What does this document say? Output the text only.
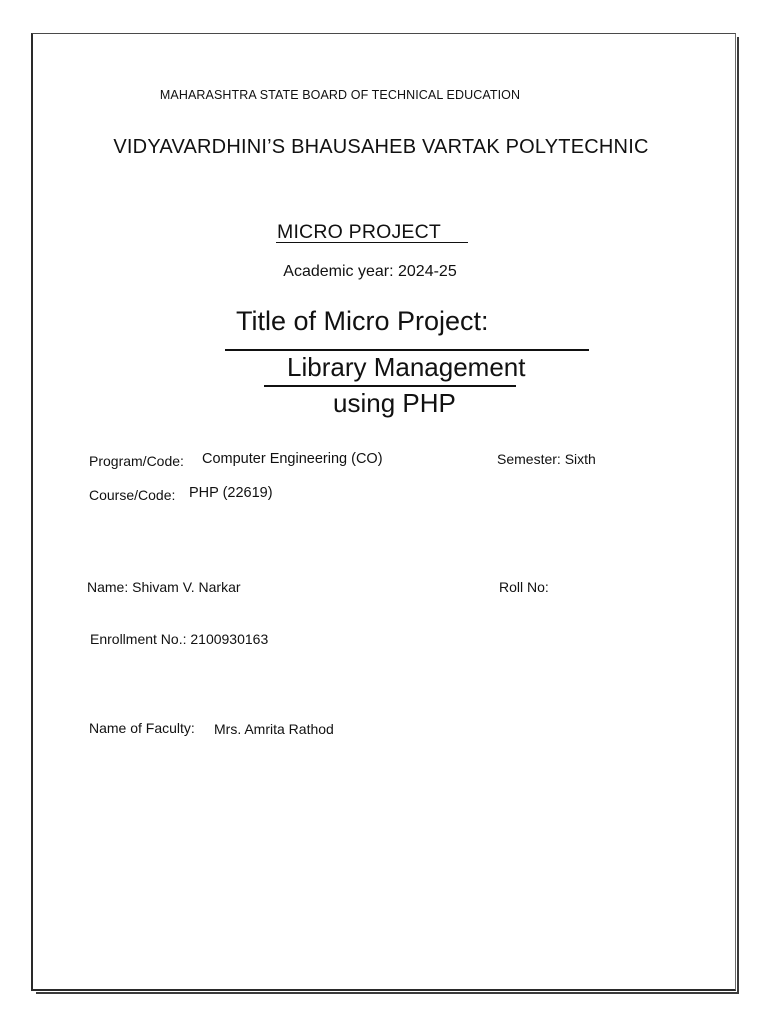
MAHARASHTRA STATE BOARD OF TECHNICAL EDUCATION
VIDYAVARDHINI’S BHAUSAHEB VARTAK POLYTECHNIC
MICRO PROJECT
Academic year: 2024-25
Title of Micro Project:
Library Management
using PHP
Program/Code: Computer Engineering (CO)	Semester: Sixth
Course/Code: PHP (22619)
Name: Shivam V. Narkar	Roll No:
Enrollment No.: 2100930163
Name of Faculty: Mrs. Amrita Rathod
